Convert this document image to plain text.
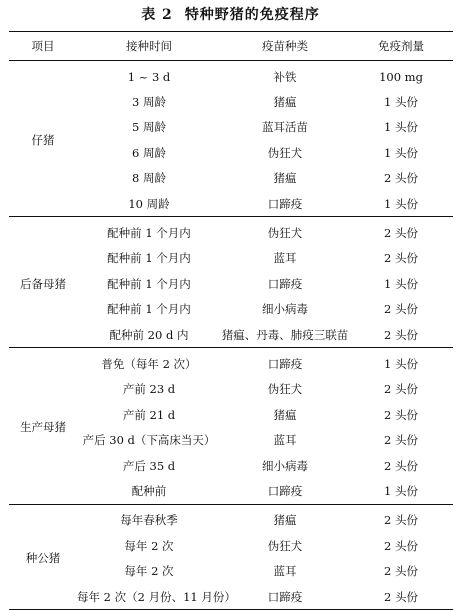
表 2 特种野猪的免疫程序
项目	接种时间	疫苗种类	免疫剂量
仔猪	1 ~ 3 d	补铁	100 mg
	3 周龄	猪瘟	1 头份
	5 周龄	蓝耳活苗	1 头份
	6 周龄	伪狂犬	1 头份
	8 周龄	猪瘟	2 头份
	10 周龄	口蹄疫	1 头份
后备母猪	配种前 1 个月内	伪狂犬	2 头份
	配种前 1 个月内	蓝耳	2 头份
	配种前 1 个月内	口蹄疫	1 头份
	配种前 1 个月内	细小病毒	2 头份
	配种前 20 d 内	猪瘟、丹毒、肺疫三联苗	2 头份
生产母猪	普免（每年 2 次）	口蹄疫	1 头份
	产前 23 d	伪狂犬	2 头份
	产前 21 d	猪瘟	2 头份
	产后 30 d（下高床当天）	蓝耳	2 头份
	产后 35 d	细小病毒	2 头份
	配种前	口蹄疫	1 头份
种公猪	每年春秋季	猪瘟	2 头份
	每年 2 次	伪狂犬	2 头份
	每年 2 次	蓝耳	2 头份
	每年 2 次（2 月份、11 月份）	口蹄疫	2 头份
